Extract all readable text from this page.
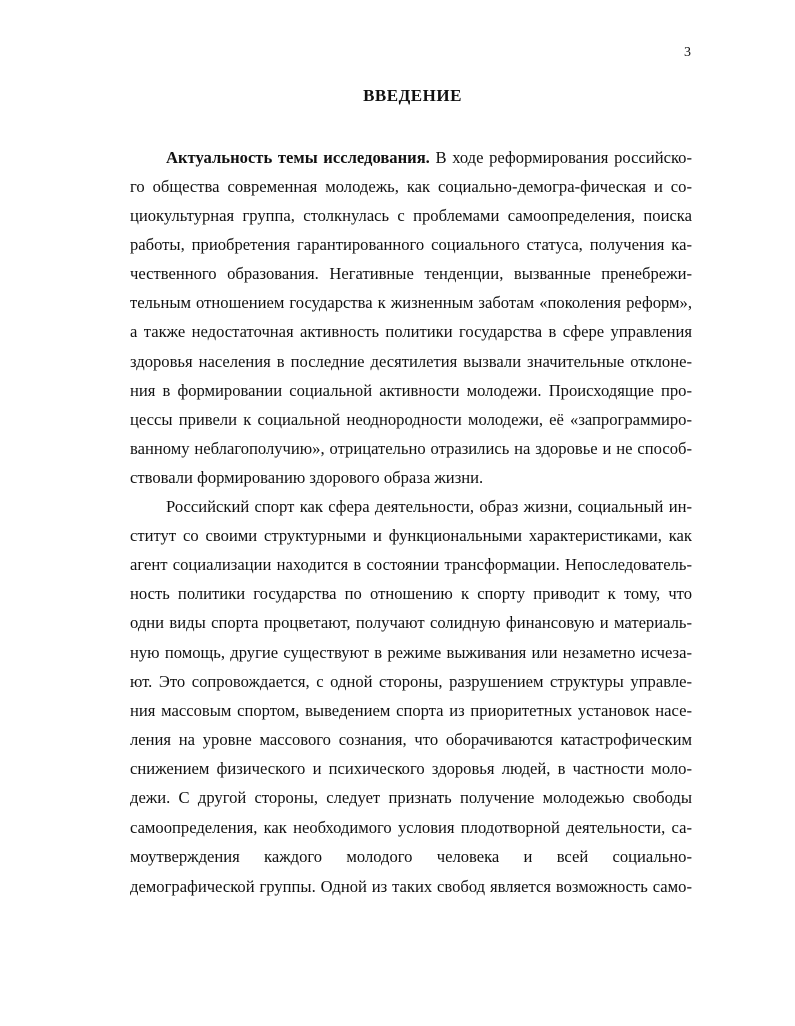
3
ВВЕДЕНИЕ
Актуальность темы исследования. В ходе реформирования российско-
го общества современная молодежь, как социально-демогра-фическая и со-
циокультурная группа, столкнулась с проблемами самоопределения, поиска
работы, приобретения гарантированного социального статуса, получения ка-
чественного образования. Негативные тенденции, вызванные пренебрежи-
тельным отношением государства к жизненным заботам «поколения реформ»,
а также недостаточная активность политики государства в сфере управления
здоровья населения в последние десятилетия вызвали значительные отклоне-
ния в формировании социальной активности молодежи. Происходящие про-
цессы привели к социальной неоднородности молодежи, её «запрограммиро-
ванному неблагополучию», отрицательно отразились на здоровье и не способ-
ствовали формированию здорового образа жизни.
Российский спорт как сфера деятельности, образ жизни, социальный ин-
ститут со своими структурными и функциональными характеристиками, как
агент социализации находится в состоянии трансформации. Непоследователь-
ность политики государства по отношению к спорту приводит к тому, что
одни виды спорта процветают, получают солидную финансовую и материаль-
ную помощь, другие существуют в режиме выживания или незаметно исчеза-
ют. Это сопровождается, с одной стороны, разрушением структуры управле-
ния массовым спортом, выведением спорта из приоритетных установок насе-
ления на уровне массового сознания, что оборачиваются катастрофическим
снижением физического и психического здоровья людей, в частности моло-
дежи. С другой стороны, следует признать получение молодежью свободы
самоопределения, как необходимого условия плодотворной деятельности, са-
моутверждения каждого молодого человека и всей социально-
демографической группы. Одной из таких свобод является возможность само-
